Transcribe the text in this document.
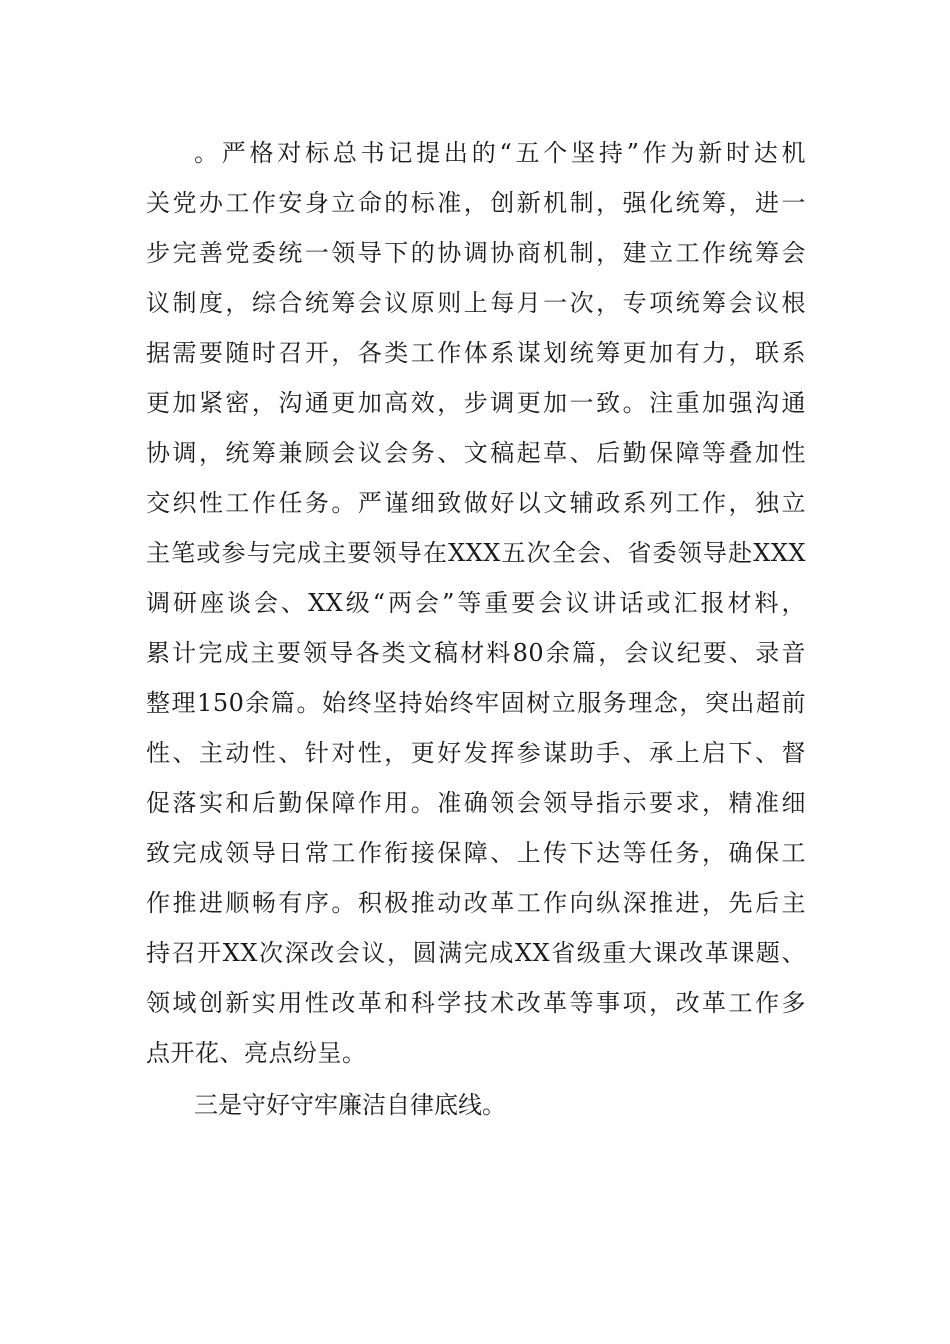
。严格对标总书记提出的“五个坚持”作为新时达机
关党办工作安身立命的标准，创新机制，强化统筹，进一
步完善党委统一领导下的协调协商机制，建立工作统筹会
议制度，综合统筹会议原则上每月一次，专项统筹会议根
据需要随时召开，各类工作体系谋划统筹更加有力，联系
更加紧密，沟通更加高效，步调更加一致。注重加强沟通
协调，统筹兼顾会议会务、文稿起草、后勤保障等叠加性
交织性工作任务。严谨细致做好以文辅政系列工作，独立
主笔或参与完成主要领导在XXX五次全会、省委领导赴XXX
调研座谈会、XX级“两会”等重要会议讲话或汇报材料，
累计完成主要领导各类文稿材料80余篇，会议纪要、录音
整理150余篇。始终坚持始终牢固树立服务理念，突出超前
性、主动性、针对性，更好发挥参谋助手、承上启下、督
促落实和后勤保障作用。准确领会领导指示要求，精准细
致完成领导日常工作衔接保障、上传下达等任务，确保工
作推进顺畅有序。积极推动改革工作向纵深推进，先后主
持召开XX次深改会议，圆满完成XX省级重大课改革课题、
领域创新实用性改革和科学技术改革等事项，改革工作多
点开花、亮点纷呈。

三是守好守牢廉洁自律底线。
